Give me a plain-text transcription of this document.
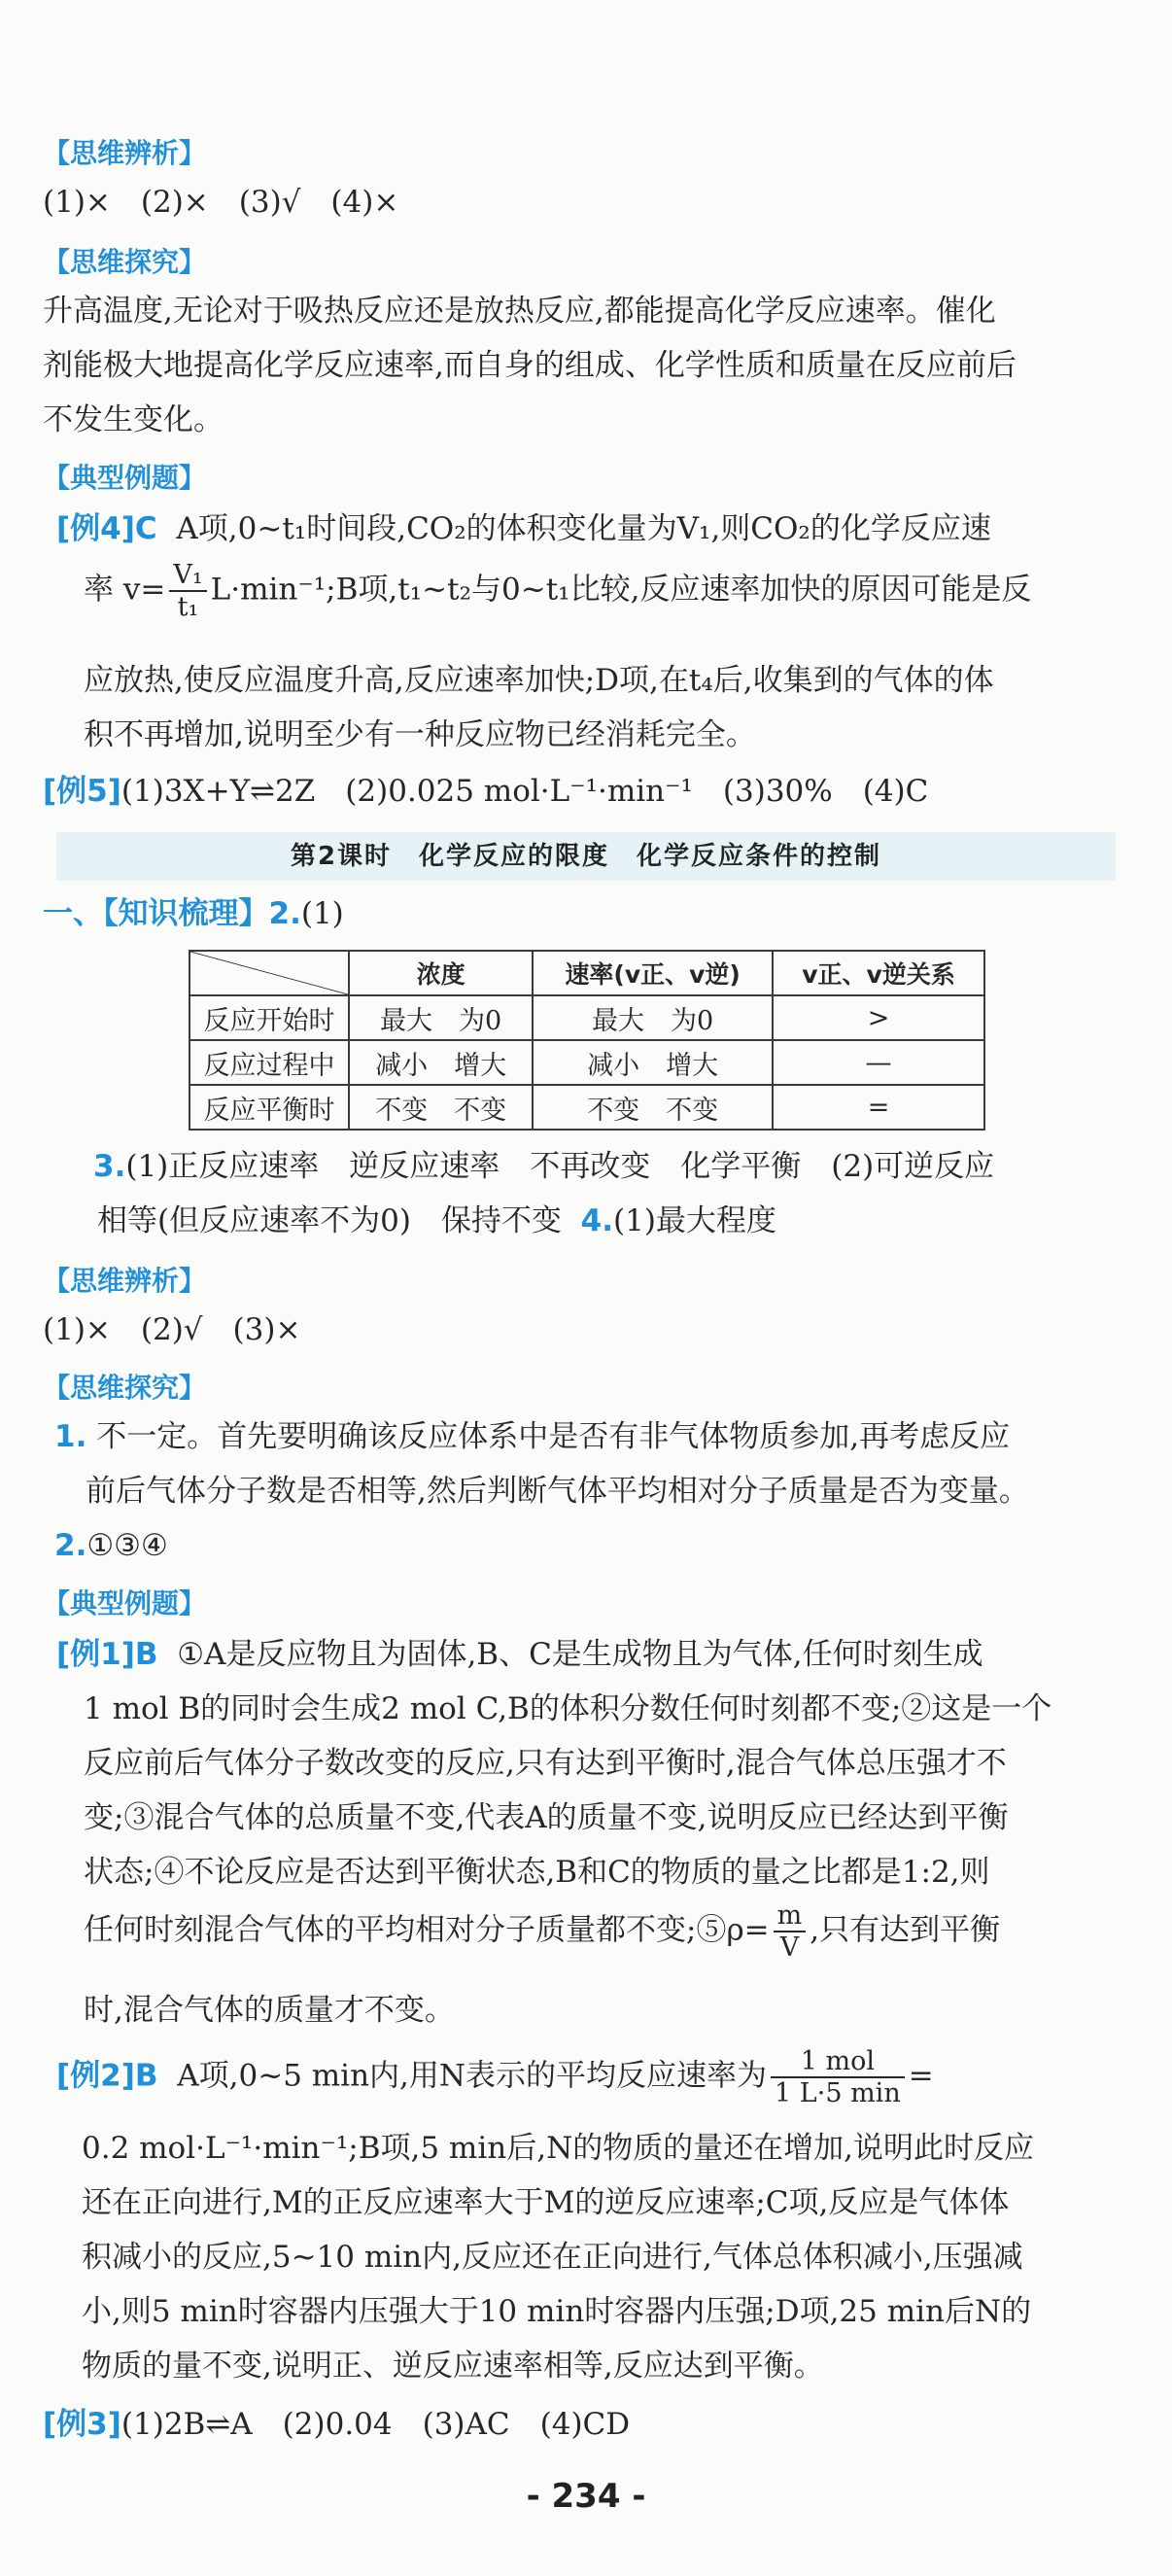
【思维辨析】
(1)×　(2)×　(3)√　(4)×
【思维探究】
升高温度,无论对于吸热反应还是放热反应,都能提高化学反应速率。催化
剂能极大地提高化学反应速率,而自身的组成、化学性质和质量在反应前后
不发生变化。
【典型例题】
[例4]C A项,0~t₁时间段,CO₂的体积变化量为V₁,则CO₂的化学反应速
率 $v= \frac{\text{V₁}}{\text{t₁}}$ L·min⁻¹;B项,t₁~t₂与0~t₁比较,反应速率加快的原因可能是反
应放热,使反应温度升高,反应速率加快;D项,在t₄后,收集到的气体的体
积不再增加,说明至少有一种反应物已经消耗完全。
[例5](1)3X+Y⇌2Z　(2)0.025 mol·L⁻¹·min⁻¹　(3)30%　(4)C
第2课时　化学反应的限度　化学反应条件的控制
一、【知识梳理】2.(1)
	浓度	速率(v正、v逆)	v正、v逆关系
反应开始时	最大　为0	最大　为0	>
反应过程中	减小　增大	减小　增大	—
反应平衡时	不变　不变	不变　不变	=
3.(1)正反应速率　逆反应速率　不再改变　化学平衡　(2)可逆反应
相等(但反应速率不为0)　保持不变 4.(1)最大程度
【思维辨析】
(1)×　(2)√　(3)×
【思维探究】
1. 不一定。首先要明确该反应体系中是否有非气体物质参加,再考虑反应
前后气体分子数是否相等,然后判断气体平均相对分子质量是否为变量。
2.①③④
【典型例题】
[例1]B ①A是反应物且为固体,B、C是生成物且为气体,任何时刻生成
1 mol B的同时会生成2 mol C,B的体积分数任何时刻都不变;②这是一个
反应前后气体分子数改变的反应,只有达到平衡时,混合气体总压强才不
变;③混合气体的总质量不变,代表A的质量不变,说明反应已经达到平衡
状态;④不论反应是否达到平衡状态,B和C的物质的量之比都是1:2,则
任何时刻混合气体的平均相对分子质量都不变;⑤ρ= $\frac{m}{V}$ ,只有达到平衡
时,混合气体的质量才不变。
[例2]B A项,0~5 min内,用N表示的平均反应速率为 $\frac{\text{1 mol}}{1 L\cdot 5 \min}$ =
0.2 mol·L⁻¹·min⁻¹;B项,5 min后,N的物质的量还在增加,说明此时反应
还在正向进行,M的正反应速率大于M的逆反应速率;C项,反应是气体体
积减小的反应,5~10 min内,反应还在正向进行,气体总体积减小,压强减
小,则5 min时容器内压强大于10 min时容器内压强;D项,25 min后N的
物质的量不变,说明正、逆反应速率相等,反应达到平衡。
[例3](1)2B⇌A　(2)0.04　(3)AC　(4)CD
- 234 -
